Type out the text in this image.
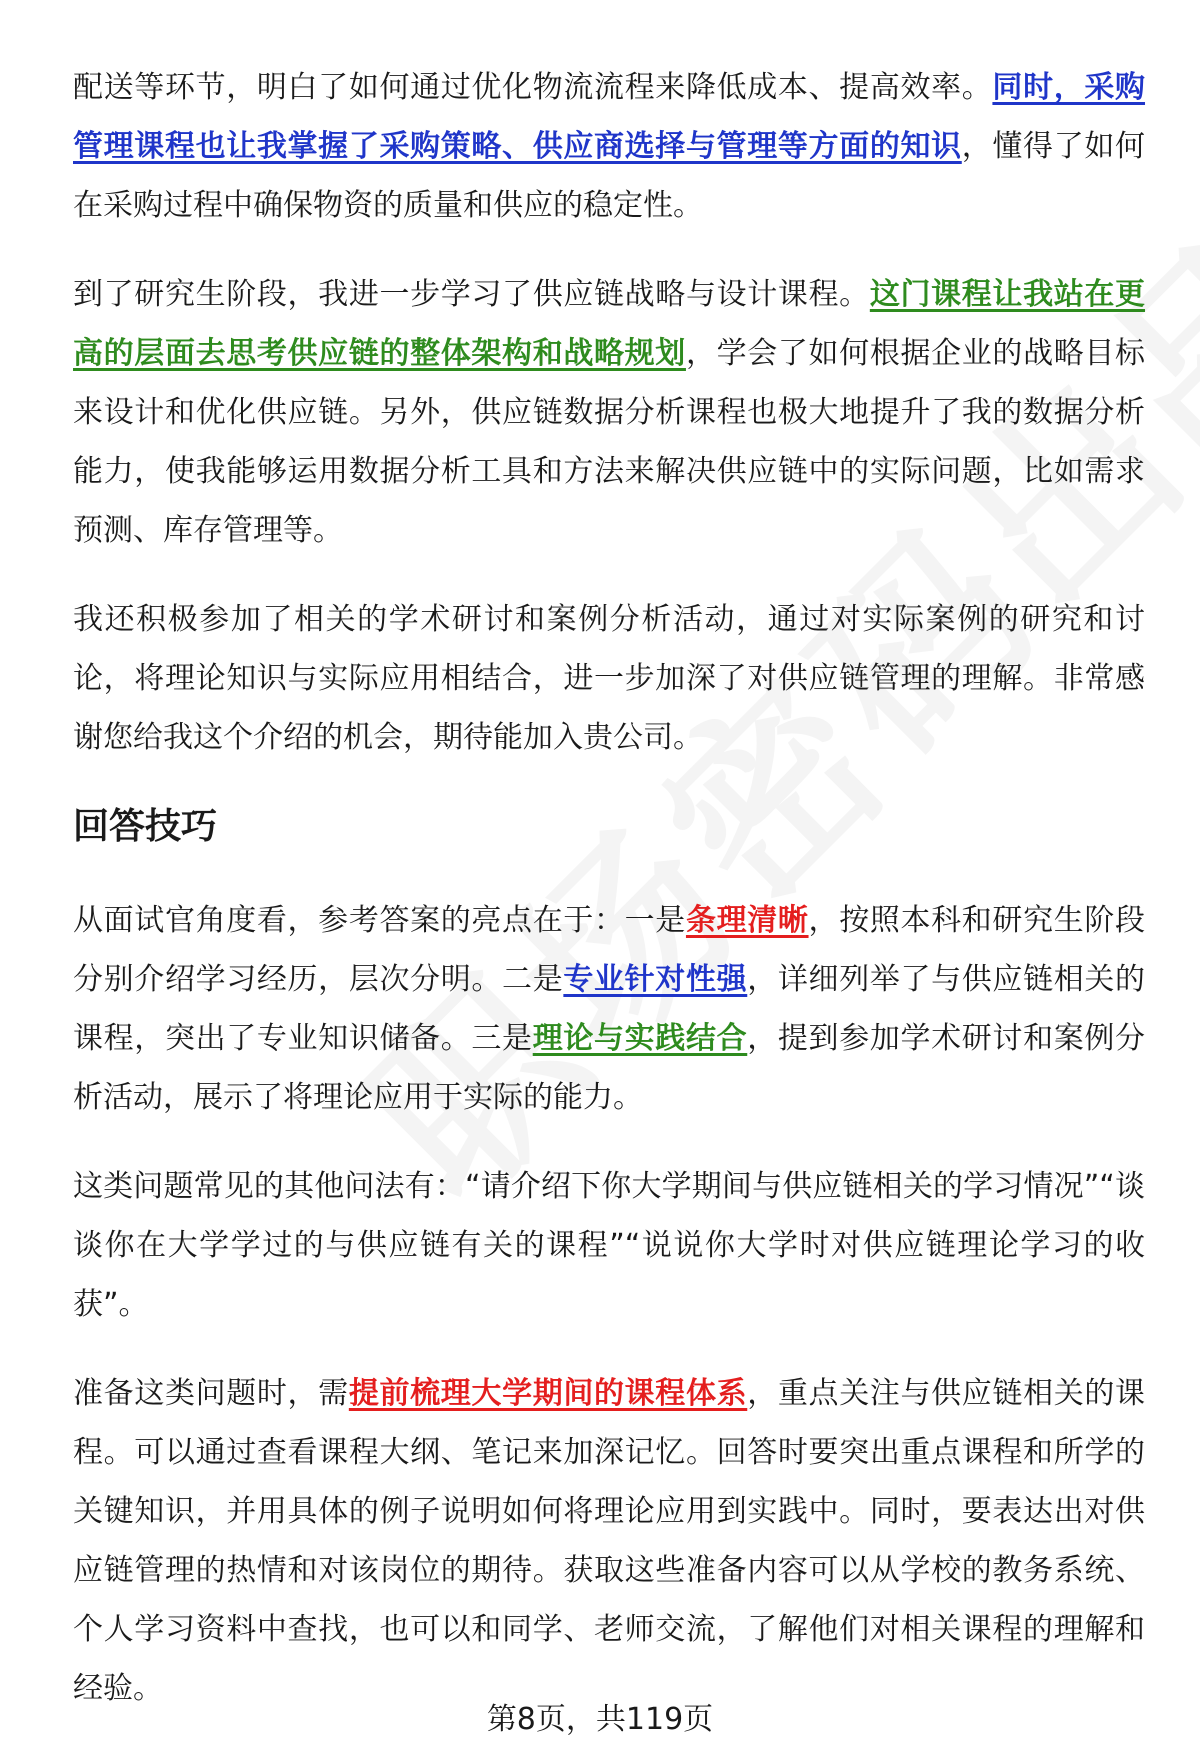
配送等环节，明白了如何通过优化物流流程来降低成本、提高效率。同时，采购管理课程也让我掌握了采购策略、供应商选择与管理等方面的知识，懂得了如何在采购过程中确保物资的质量和供应的稳定性。

到了研究生阶段，我进一步学习了供应链战略与设计课程。这门课程让我站在更高的层面去思考供应链的整体架构和战略规划，学会了如何根据企业的战略目标来设计和优化供应链。另外，供应链数据分析课程也极大地提升了我的数据分析能力，使我能够运用数据分析工具和方法来解决供应链中的实际问题，比如需求预测、库存管理等。

我还积极参加了相关的学术研讨和案例分析活动，通过对实际案例的研究和讨论，将理论知识与实际应用相结合，进一步加深了对供应链管理的理解。非常感谢您给我这个介绍的机会，期待能加入贵公司。

回答技巧

从面试官角度看，参考答案的亮点在于：一是条理清晰，按照本科和研究生阶段分别介绍学习经历，层次分明。二是专业针对性强，详细列举了与供应链相关的课程，突出了专业知识储备。三是理论与实践结合，提到参加学术研讨和案例分析活动，展示了将理论应用于实际的能力。

这类问题常见的其他问法有：“请介绍下你大学期间与供应链相关的学习情况”“谈谈你在大学学过的与供应链有关的课程”“说说你大学时对供应链理论学习的收获”。

准备这类问题时，需提前梳理大学期间的课程体系，重点关注与供应链相关的课程。可以通过查看课程大纲、笔记来加深记忆。回答时要突出重点课程和所学的关键知识，并用具体的例子说明如何将理论应用到实践中。同时，要表达出对供应链管理的热情和对该岗位的期待。获取这些准备内容可以从学校的教务系统、个人学习资料中查找，也可以和同学、老师交流，了解他们对相关课程的理解和经验。

第8页，共119页
